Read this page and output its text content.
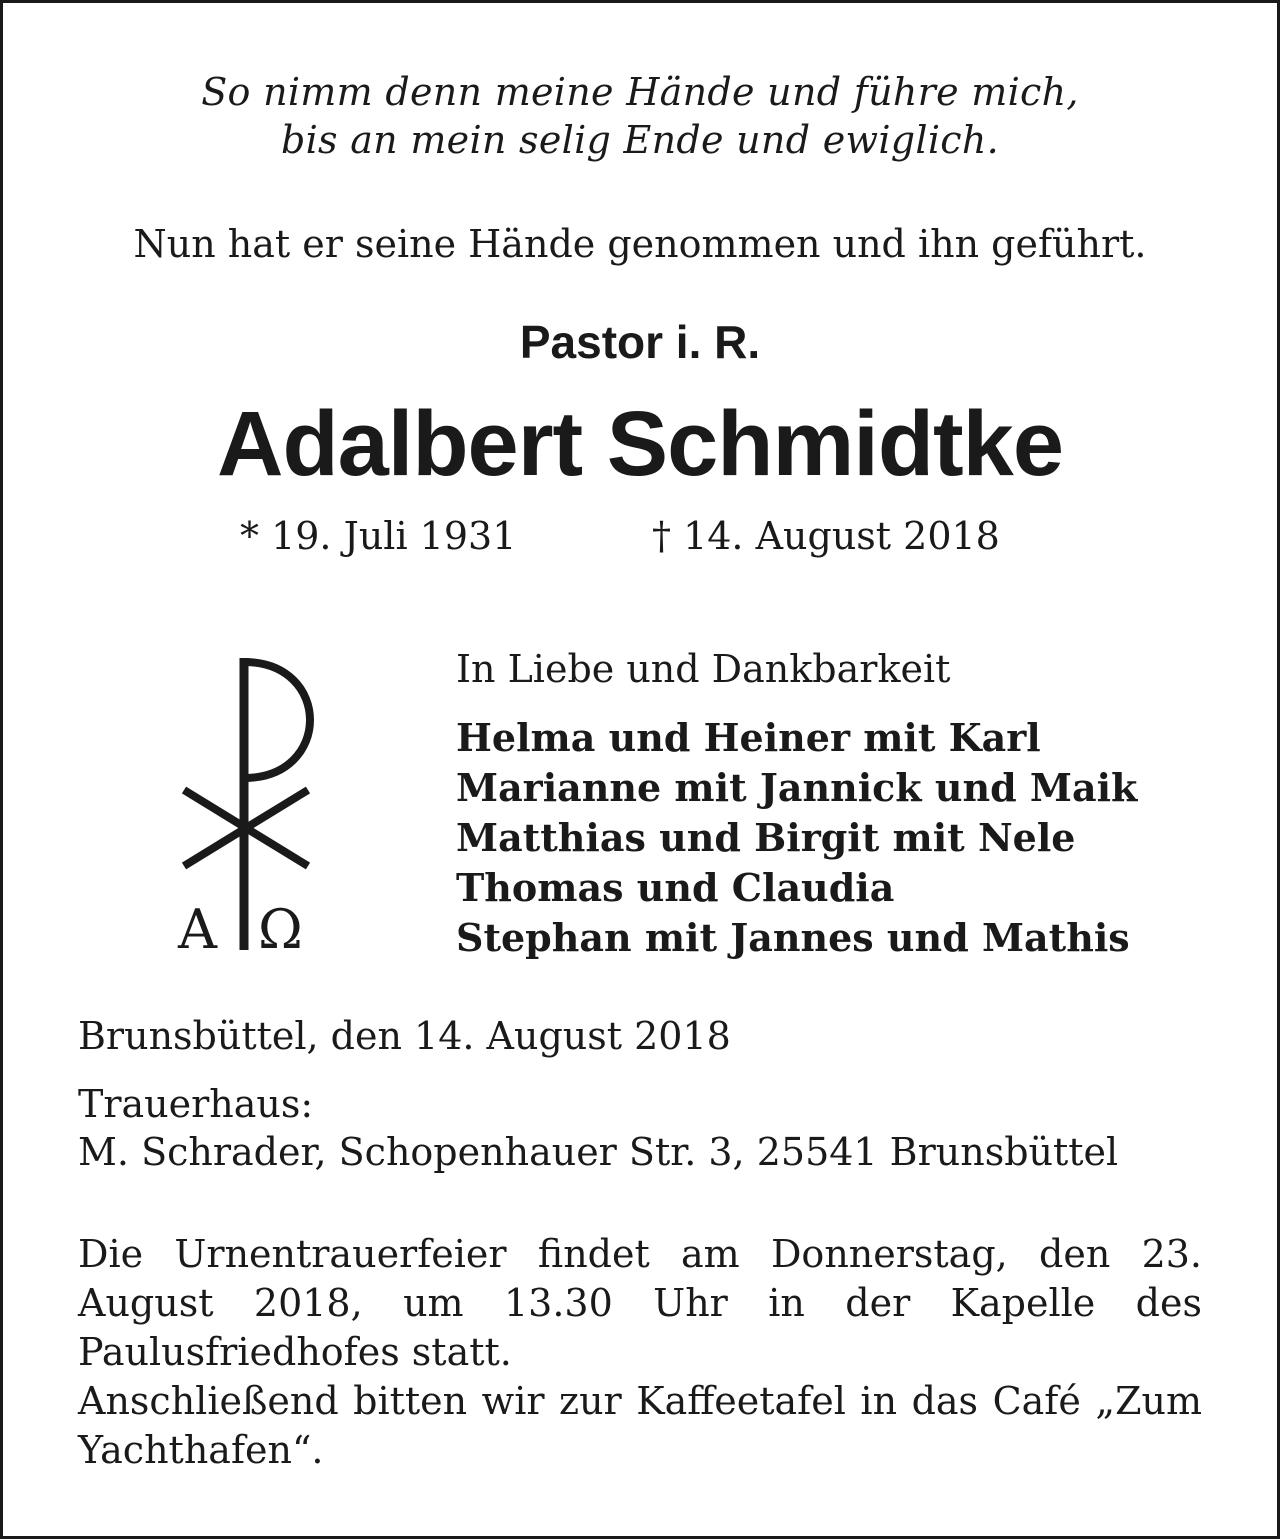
So nimm denn meine Hände und führe mich,
bis an mein selig Ende und ewiglich.
Nun hat er seine Hände genommen und ihn geführt.
Pastor i. R.
Adalbert Schmidtke
* 19. Juli 1931	† 14. August 2018
A Ω
In Liebe und Dankbarkeit
Helma und Heiner mit Karl
Marianne mit Jannick und Maik
Matthias und Birgit mit Nele
Thomas und Claudia
Stephan mit Jannes und Mathis
Brunsbüttel, den 14. August 2018
Trauerhaus:
M. Schrader, Schopenhauer Str. 3, 25541 Brunsbüttel

Die Urnentrauerfeier findet am Donnerstag, den 23. August 2018, um 13.30 Uhr in der Kapelle des Paulusfriedhofes statt.

Anschließend bitten wir zur Kaffeetafel in das Café „Zum Yachthafen“.
